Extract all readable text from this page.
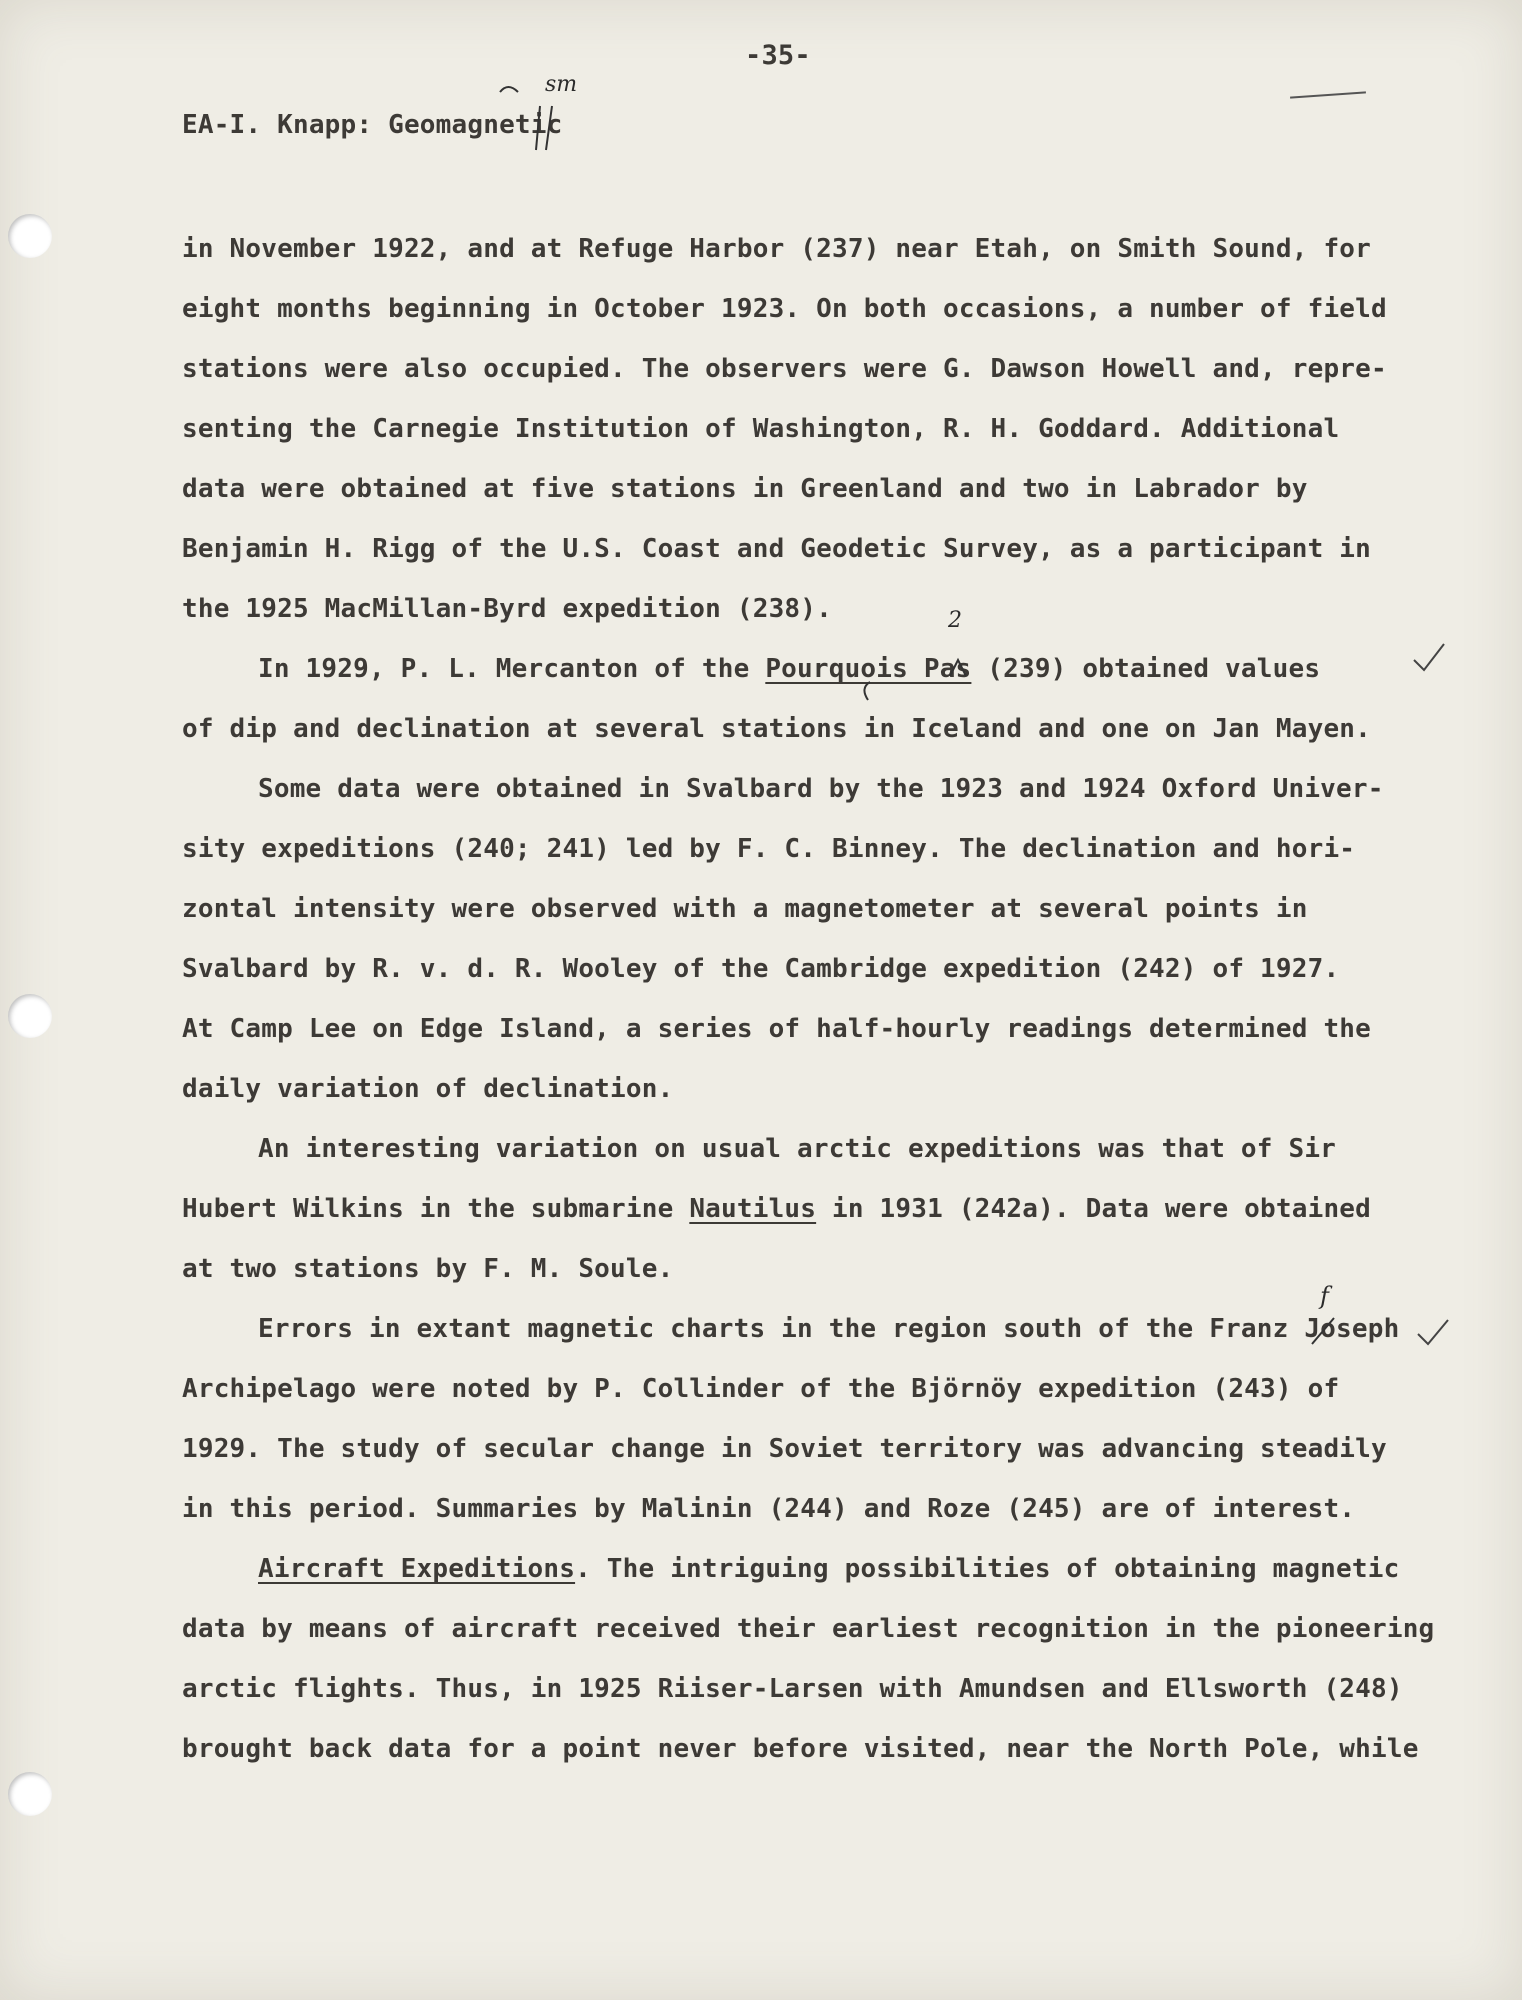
-35-
EA-I. Knapp: Geomagnetic
sm
in November 1922, and at Refuge Harbor (237) near Etah, on Smith Sound, for
eight months beginning in October 1923. On both occasions, a number of field
stations were also occupied. The observers were G. Dawson Howell and, repre-
senting the Carnegie Institution of Washington, R. H. Goddard. Additional
data were obtained at five stations in Greenland and two in Labrador by
Benjamin H. Rigg of the U.S. Coast and Geodetic Survey, as a participant in
the 1925 MacMillan-Byrd expedition (238).
In 1929, P. L. Mercanton of the Pourquois Pas (239) obtained values
2
of dip and declination at several stations in Iceland and one on Jan Mayen.
Some data were obtained in Svalbard by the 1923 and 1924 Oxford Univer-
sity expeditions (240; 241) led by F. C. Binney. The declination and hori-
zontal intensity were observed with a magnetometer at several points in
Svalbard by R. v. d. R. Wooley of the Cambridge expedition (242) of 1927.
At Camp Lee on Edge Island, a series of half-hourly readings determined the
daily variation of declination.
An interesting variation on usual arctic expeditions was that of Sir
Hubert Wilkins in the submarine Nautilus in 1931 (242a). Data were obtained
at two stations by F. M. Soule.
Errors in extant magnetic charts in the region south of the Franz Joseph
f
Archipelago were noted by P. Collinder of the Björnöy expedition (243) of
1929. The study of secular change in Soviet territory was advancing steadily
in this period. Summaries by Malinin (244) and Roze (245) are of interest.
Aircraft Expeditions. The intriguing possibilities of obtaining magnetic
data by means of aircraft received their earliest recognition in the pioneering
arctic flights. Thus, in 1925 Riiser-Larsen with Amundsen and Ellsworth (248)
brought back data for a point never before visited, near the North Pole, while
